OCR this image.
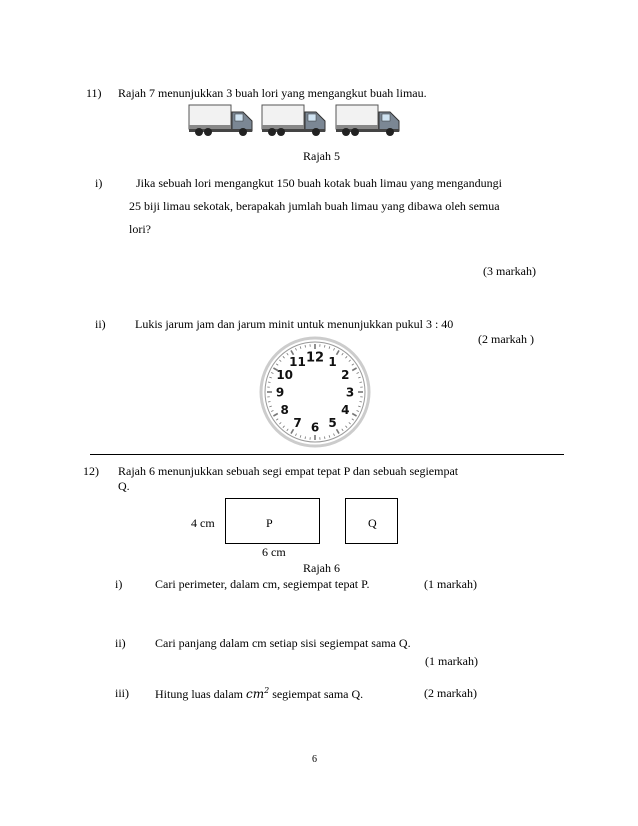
11) Rajah 7 menunjukkan 3 buah lori yang mengangkut buah limau.
Rajah 5
i)	Jika sebuah lori mengangkut 150 buah kotak buah limau yang mengandungi
25 biji limau sekotak, berapakah jumlah buah limau yang dibawa oleh semua
lori?
(3 markah)
ii) Lukis jarum jam dan jarum minit untuk menunjukkan pukul 3 : 40
(2 markah )
12 1
2
3
4
5
6
7
8
9
10
11
12) Rajah 6 menunjukkan sebuah segi empat tepat P dan sebuah segiempat
Q.
4 cm	P	Q
6 cm
Rajah 6
i)	Cari perimeter, dalam cm, segiempat tepat P.	(1 markah)
ii) Cari panjang dalam cm setiap sisi segiempat sama Q.
(1 markah)
iii) Hitung luas dalam $cm^2$ segiempat sama Q.	(2 markah)
6
